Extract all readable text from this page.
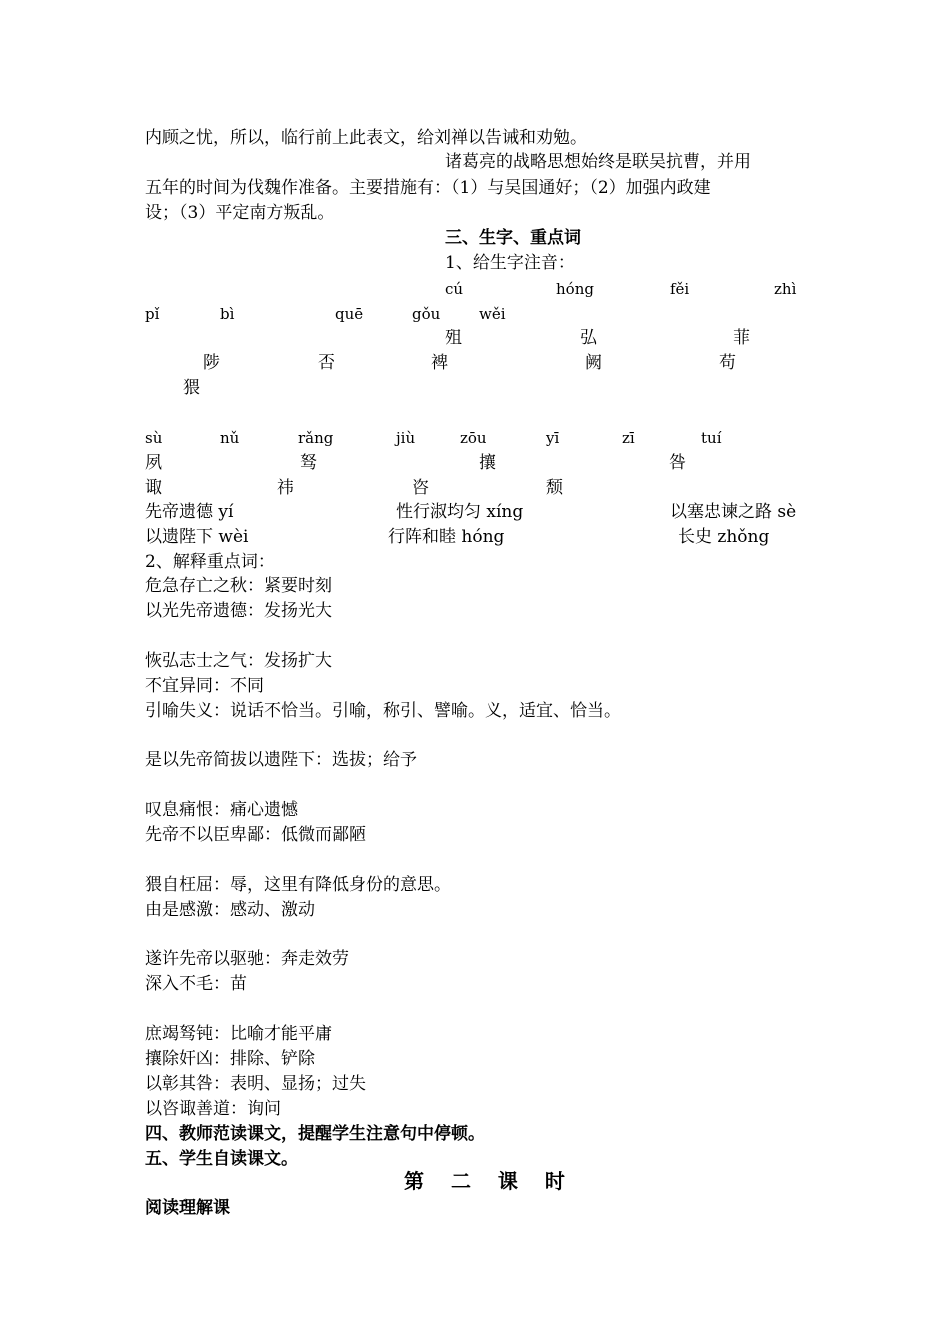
内顾之忧，所以，临行前上此表文，给刘禅以告诫和劝勉。
诸葛亮的战略思想始终是联吴抗曹，并用
五年的时间为伐魏作准备。主要措施有：（1）与吴国通好；（2）加强内政建
设；（3）平定南方叛乱。
三、生字、重点词
1、给生字注音：
cú	hóng	fěi	zhì
pǐ	bì	quē	gǒu	wěi
殂	弘	菲
陟	否	裨	阙	苟
猥
sù	nǔ	rǎng	jiù	zōu	yī	zī	tuí
夙	驽	攘	咎
诹	祎	咨	颓
先帝遗德 yí	性行淑均匀 xíng	以塞忠谏之路 sè
以遗陛下 wèi	行阵和睦 hóng	长史 zhǒng
2、解释重点词：
危急存亡之秋：紧要时刻
以光先帝遗德：发扬光大
恢弘志士之气：发扬扩大
不宜异同：不同
引喻失义：说话不恰当。引喻，称引、譬喻。义，适宜、恰当。
是以先帝简拔以遗陛下：选拔；给予
叹息痛恨：痛心遗憾
先帝不以臣卑鄙：低微而鄙陋
猥自枉屈：辱，这里有降低身份的意思。
由是感激：感动、激动
遂许先帝以驱驰：奔走效劳
深入不毛：苗
庶竭驽钝：比喻才能平庸
攘除奸凶：排除、铲除
以彰其咎：表明、显扬；过失
以咨诹善道：询问
四、教师范读课文，提醒学生注意句中停顿。
五、学生自读课文。
第 二 课 时
阅读理解课
